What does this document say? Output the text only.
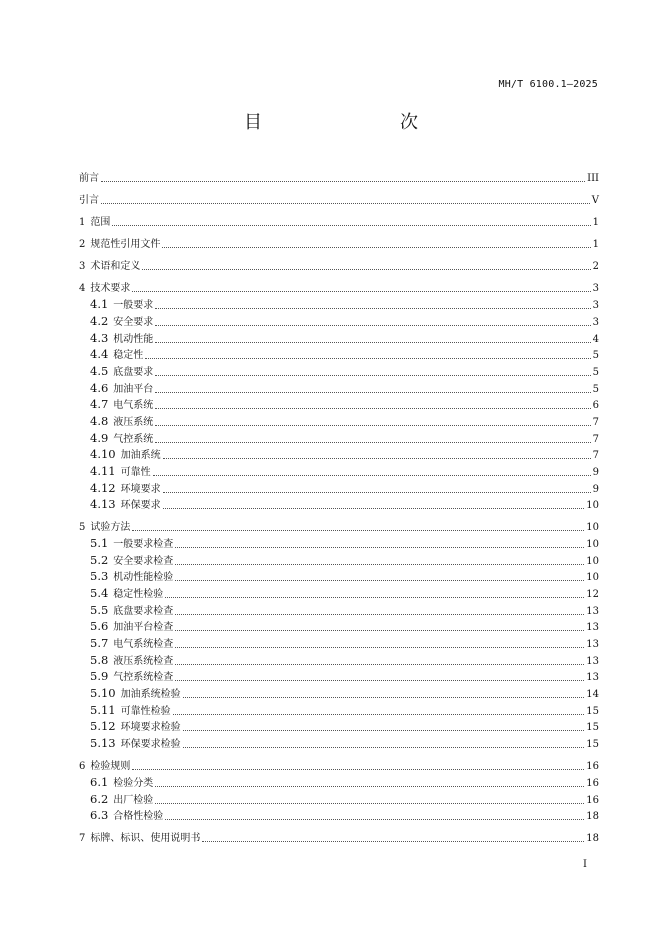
MH/T 6100.1—2025
目　　次
前言	III
引言	V
1 范围	1
2 规范性引用文件	1
3 术语和定义	2
4 技术要求	3
4.1 一般要求	3
4.2 安全要求	3
4.3 机动性能	4
4.4 稳定性	5
4.5 底盘要求	5
4.6 加油平台	5
4.7 电气系统	6
4.8 液压系统	7
4.9 气控系统	7
4.10 加油系统	7
4.11 可靠性	9
4.12 环境要求	9
4.13 环保要求	10
5 试验方法	10
5.1 一般要求检查	10
5.2 安全要求检查	10
5.3 机动性能检验	10
5.4 稳定性检验	12
5.5 底盘要求检查	13
5.6 加油平台检查	13
5.7 电气系统检查	13
5.8 液压系统检查	13
5.9 气控系统检查	13
5.10 加油系统检验	14
5.11 可靠性检验	15
5.12 环境要求检验	15
5.13 环保要求检验	15
6 检验规则	16
6.1 检验分类	16
6.2 出厂检验	16
6.3 合格性检验	18
7 标牌、标识、使用说明书	18
I
